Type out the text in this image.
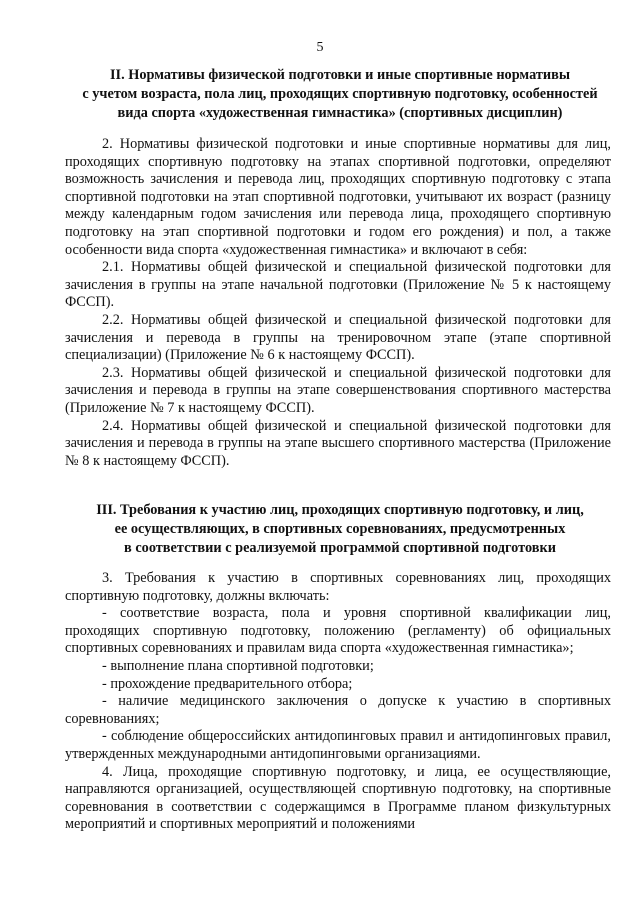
5
II. Нормативы физической подготовки и иные спортивные нормативы
с учетом возраста, пола лиц, проходящих спортивную подготовку, особенностей
вида спорта «художественная гимнастика» (спортивных дисциплин)

2. Нормативы физической подготовки и иные спортивные нормативы для лиц, проходящих спортивную подготовку на этапах спортивной подготовки, определяют возможность зачисления и перевода лиц, проходящих спортивную подготовку с этапа спортивной подготовки на этап спортивной подготовки, учитывают их возраст (разницу между календарным годом зачисления или перевода лица, проходящего спортивную подготовку на этап спортивной подготовки и годом его рождения) и пол, а также особенности вида спорта «художественная гимнастика» и включают в себя:

2.1. Нормативы общей физической и специальной физической подготовки для зачисления в группы на этапе начальной подготовки (Приложение № 5 к настоящему ФССП).

2.2. Нормативы общей физической и специальной физической подготовки для зачисления и перевода в группы на тренировочном этапе (этапе спортивной специализации) (Приложение № 6 к настоящему ФССП).

2.3. Нормативы общей физической и специальной физической подготовки для зачисления и перевода в группы на этапе совершенствования спортивного мастерства (Приложение № 7 к настоящему ФССП).

2.4. Нормативы общей физической и специальной физической подготовки для зачисления и перевода в группы на этапе высшего спортивного мастерства (Приложение № 8 к настоящему ФССП).

III. Требования к участию лиц, проходящих спортивную подготовку, и лиц,
ее осуществляющих, в спортивных соревнованиях, предусмотренных
в соответствии с реализуемой программой спортивной подготовки

3. Требования к участию в спортивных соревнованиях лиц, проходящих спортивную подготовку, должны включать:

- соответствие возраста, пола и уровня спортивной квалификации лиц, проходящих спортивную подготовку, положению (регламенту) об официальных спортивных соревнованиях и правилам вида спорта «художественная гимнастика»;

- выполнение плана спортивной подготовки;

- прохождение предварительного отбора;

- наличие медицинского заключения о допуске к участию в спортивных соревнованиях;

- соблюдение общероссийских антидопинговых правил и антидопинговых правил, утвержденных международными антидопинговыми организациями.

4. Лица, проходящие спортивную подготовку, и лица, ее осуществляющие, направляются организацией, осуществляющей спортивную подготовку, на спортивные соревнования в соответствии с содержащимся в Программе планом физкультурных мероприятий и спортивных мероприятий и положениями
